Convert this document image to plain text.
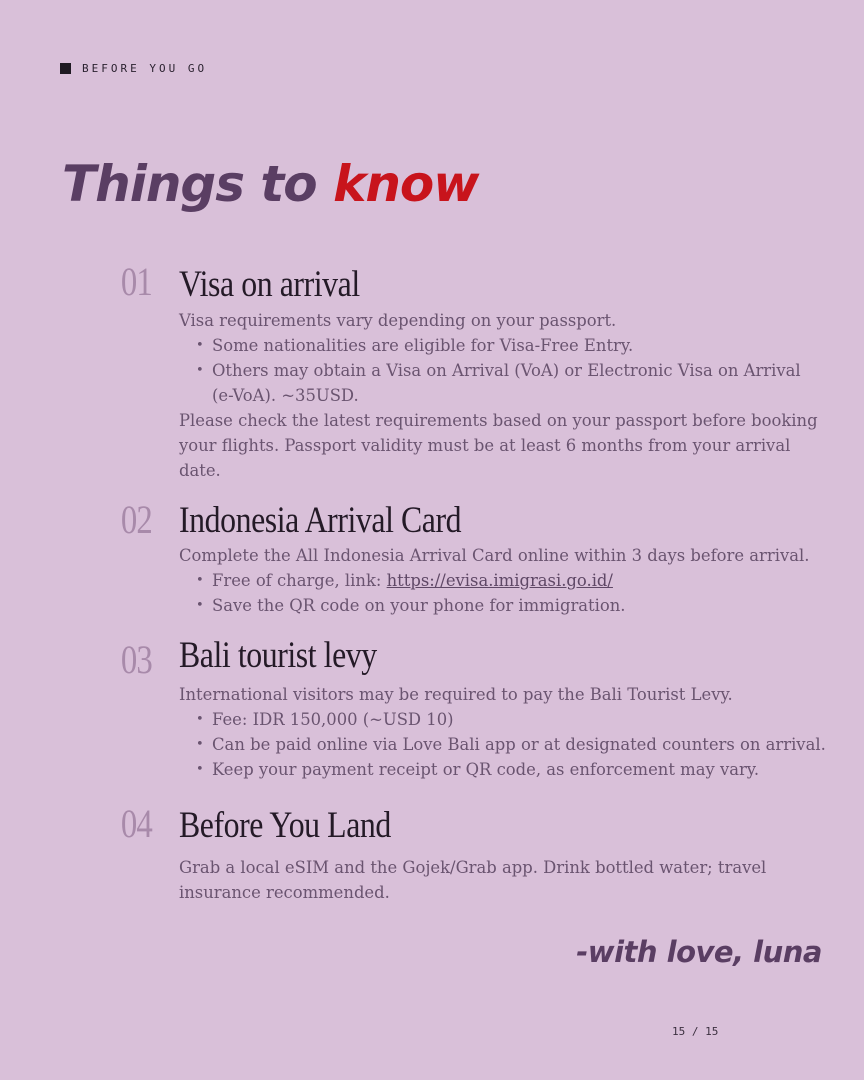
BEFORE YOU GO
Things to know
01 Visa on arrival

Visa requirements vary depending on your passport.

• Some nationalities are eligible for Visa-Free Entry.
• Others may obtain a Visa on Arrival (VoA) or Electronic Visa on Arrival (e-VoA). ~35USD.

Please check the latest requirements based on your passport before booking your flights. Passport validity must be at least 6 months from your arrival date.

02 Indonesia Arrival Card

Complete the All Indonesia Arrival Card online within 3 days before arrival.

• Free of charge, link: https://evisa.imigrasi.go.id/
• Save the QR code on your phone for immigration.
03 Bali tourist levy

International visitors may be required to pay the Bali Tourist Levy.

• Fee: IDR 150,000 (~USD 10)
• Can be paid online via Love Bali app or at designated counters on arrival.
• Keep your payment receipt or QR code, as enforcement may vary.
04 Before You Land

Grab a local eSIM and the Gojek/Grab app. Drink bottled water; travel insurance recommended.

-with love, luna
15 / 15
